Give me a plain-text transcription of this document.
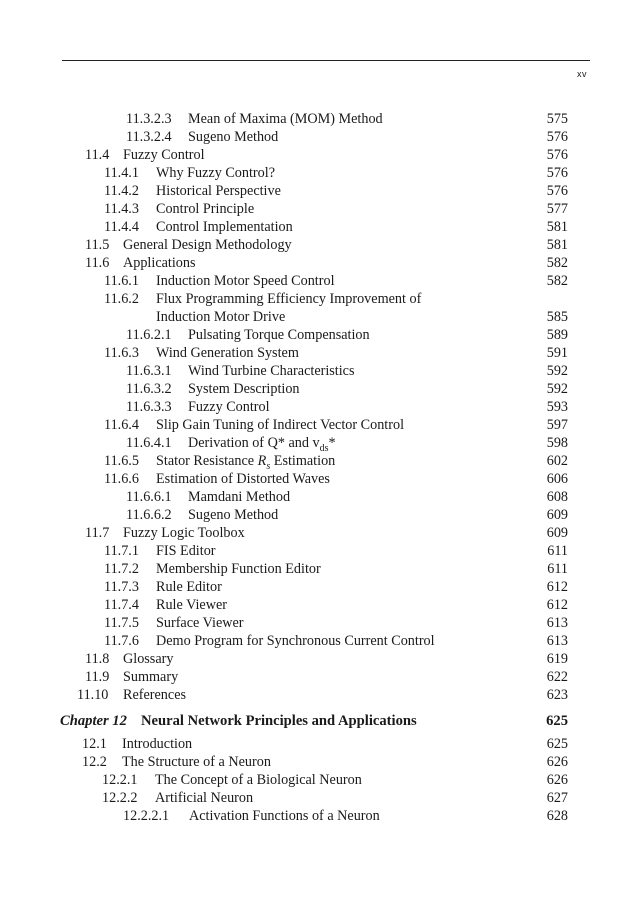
xv
11.3.2.3 Mean of Maxima (MOM) Method	575
11.3.2.4 Sugeno Method	576
11.4 Fuzzy Control	576
11.4.1 Why Fuzzy Control?	576
11.4.2 Historical Perspective	576
11.4.3 Control Principle	577
11.4.4 Control Implementation	581
11.5 General Design Methodology	581
11.6 Applications	582
11.6.1 Induction Motor Speed Control	582
11.6.2 Flux Programming Efficiency Improvement of
Induction Motor Drive	585
11.6.2.1 Pulsating Torque Compensation	589
11.6.3 Wind Generation System	591
11.6.3.1 Wind Turbine Characteristics	592
11.6.3.2 System Description	592
11.6.3.3 Fuzzy Control	593
11.6.4 Slip Gain Tuning of Indirect Vector Control	597
11.6.4.1 Derivation of Q* and $v_{ds}*$	598
11.6.5 Stator Resistance $R_s$ Estimation	602
11.6.6 Estimation of Distorted Waves	606
11.6.6.1 Mamdani Method	608
11.6.6.2 Sugeno Method	609
11.7 Fuzzy Logic Toolbox	609
11.7.1 FIS Editor	611
11.7.2 Membership Function Editor	611
11.7.3 Rule Editor	612
11.7.4 Rule Viewer	612
11.7.5 Surface Viewer	613
11.7.6 Demo Program for Synchronous Current Control	613
11.8 Glossary	619
11.9 Summary	622
11.10 References	623
Chapter 12 Neural Network Principles and Applications	625
12.1 Introduction	625
12.2 The Structure of a Neuron	626
12.2.1 The Concept of a Biological Neuron	626
12.2.2 Artificial Neuron	627
12.2.2.1 Activation Functions of a Neuron	628
